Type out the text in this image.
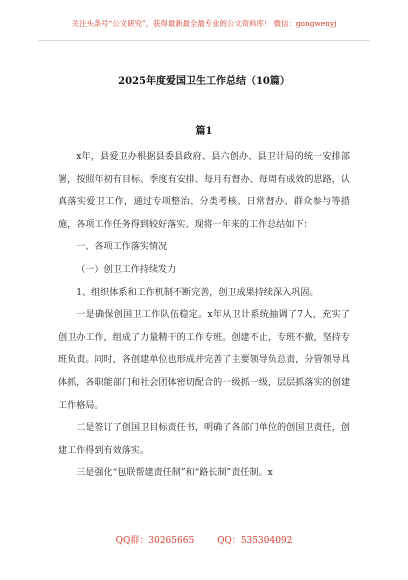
关注头条号“公文研究”，获得最新最全最专业的公文资料库！ 微信：gongwenyj
2025年度爱国卫生工作总结（10篇）
篇1

x年，县爱卫办根据县委县政府、县六创办、县卫计局的统一安排部署，按照年初有目标、季度有安排、每月有督办、每周有成效的思路，认真落实爱卫工作，通过专项整治、分类考核、日常督办、群众参与等措施，各项工作任务得到较好落实。现将一年来的工作总结如下：

一、各项工作落实情况

（一）创卫工作持续发力

1、组织体系和工作机制不断完善，创卫成果持续深入巩固。

一是确保创国卫工作队伍稳定。x年从卫计系统抽调了7人，充实了创卫办工作，组成了力量精干的工作专班。创建不止，专班不撤，坚持专班负责。同时，各创建单位也形成并完善了主要领导负总责，分管领导具体抓，各职能部门和社会团体密切配合的一级抓一级，层层抓落实的创建工作格局。

二是签订了创国卫目标责任书，明确了各部门单位的创国卫责任，创建工作得到有效落实。

三是强化“包联帮建责任制”和“路长制”责任制。x

QQ群：30265665	QQ：535304092
